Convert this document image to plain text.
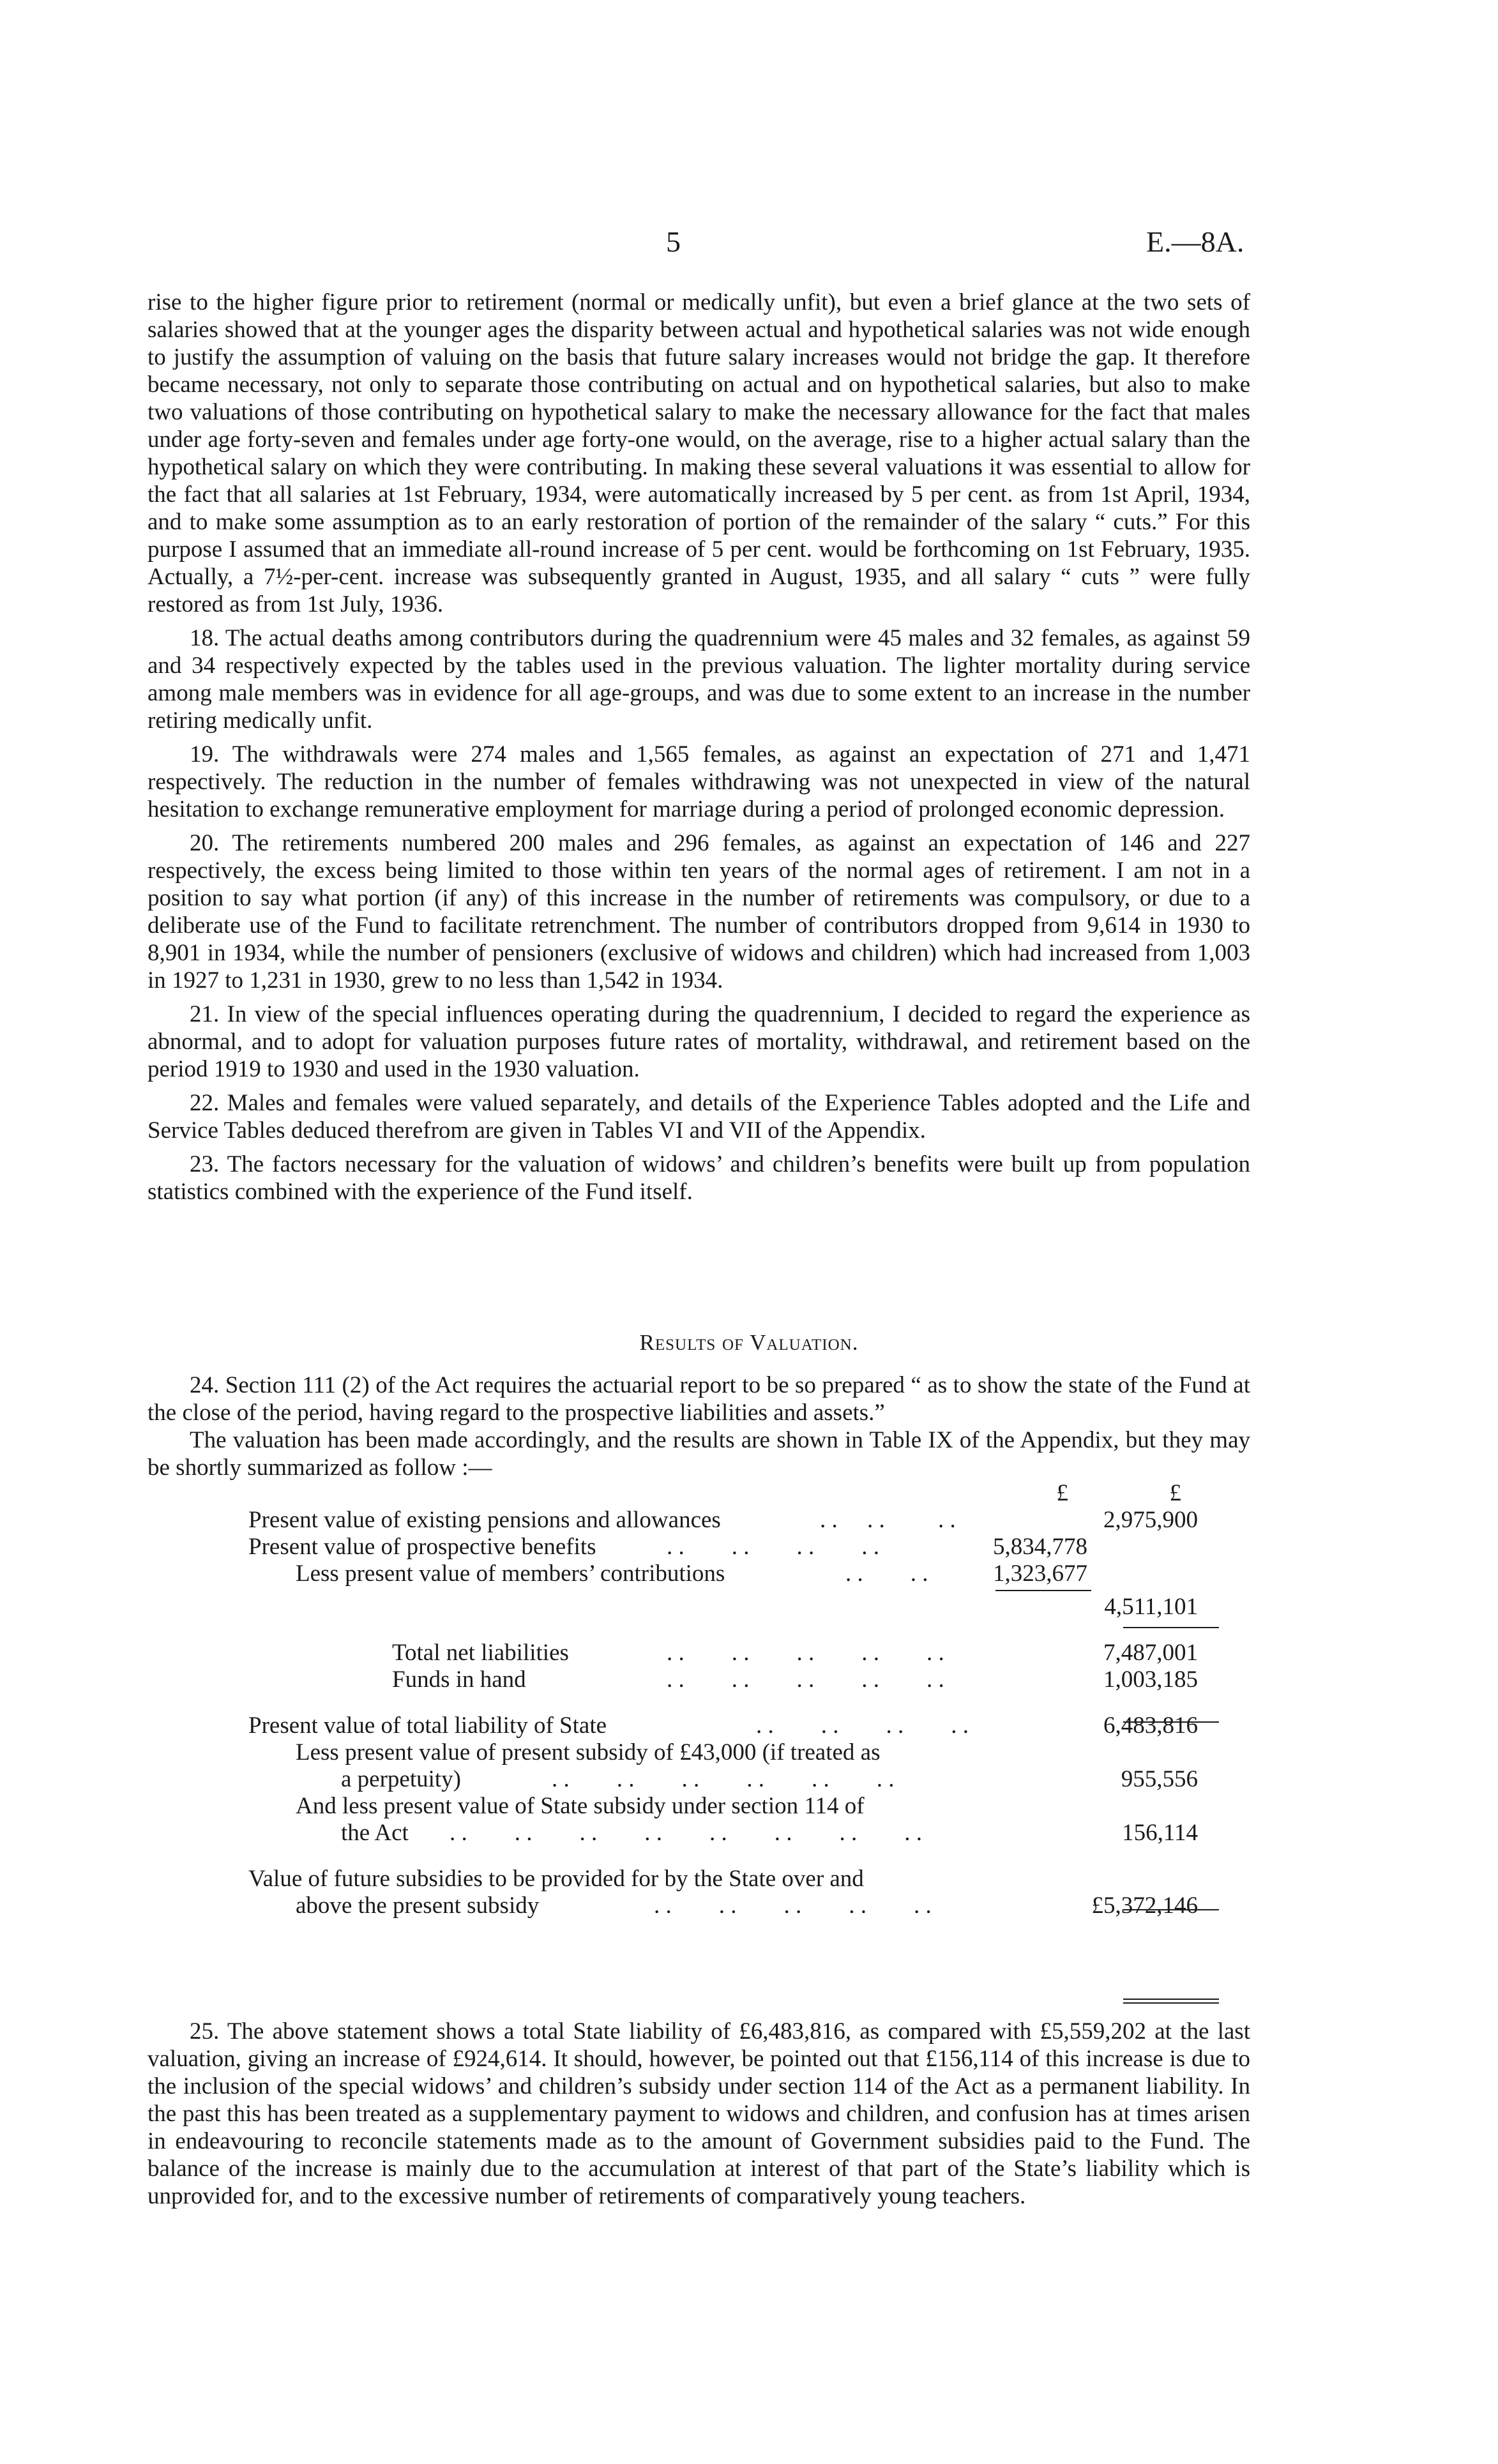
5	E.—8A.

rise to the higher figure prior to retirement (normal or medically unfit), but even a brief glance at the two sets of salaries showed that at the younger ages the disparity between actual and hypothetical salaries was not wide enough to justify the assumption of valuing on the basis that future salary increases would not bridge the gap. It therefore became necessary, not only to separate those contributing on actual and on hypothetical salaries, but also to make two valuations of those contributing on hypothetical salary to make the necessary allowance for the fact that males under age forty-seven and females under age forty-one would, on the average, rise to a higher actual salary than the hypothetical salary on which they were contributing. In making these several valuations it was essential to allow for the fact that all salaries at 1st February, 1934, were automatically increased by 5 per cent. as from 1st April, 1934, and to make some assumption as to an early restoration of portion of the remainder of the salary “ cuts.” For this purpose I assumed that an immediate all-round increase of 5 per cent. would be forthcoming on 1st February, 1935. Actually, a 7½-per-cent. increase was subsequently granted in August, 1935, and all salary “ cuts ” were fully restored as from 1st July, 1936.

18. The actual deaths among contributors during the quadrennium were 45 males and 32 females, as against 59 and 34 respectively expected by the tables used in the previous valuation. The lighter mortality during service among male members was in evidence for all age-groups, and was due to some extent to an increase in the number retiring medically unfit.

19. The withdrawals were 274 males and 1,565 females, as against an expectation of 271 and 1,471 respectively. The reduction in the number of females withdrawing was not unexpected in view of the natural hesitation to exchange remunerative employment for marriage during a period of prolonged economic depression.

20. The retirements numbered 200 males and 296 females, as against an expectation of 146 and 227 respectively, the excess being limited to those within ten years of the normal ages of retirement. I am not in a position to say what portion (if any) of this increase in the number of retirements was compulsory, or due to a deliberate use of the Fund to facilitate retrenchment. The number of contributors dropped from 9,614 in 1930 to 8,901 in 1934, while the number of pensioners (exclusive of widows and children) which had increased from 1,003 in 1927 to 1,231 in 1930, grew to no less than 1,542 in 1934.

21. In view of the special influences operating during the quadrennium, I decided to regard the experience as abnormal, and to adopt for valuation purposes future rates of mortality, withdrawal, and retirement based on the period 1919 to 1930 and used in the 1930 valuation.

22. Males and females were valued separately, and details of the Experience Tables adopted and the Life and Service Tables deduced therefrom are given in Tables VI and VII of the Appendix.

23. The factors necessary for the valuation of widows’ and children’s benefits were built up from population statistics combined with the experience of the Fund itself.

Results of Valuation.

24. Section 111 (2) of the Act requires the actuarial report to be so prepared “ as to show the state of the Fund at the close of the period, having regard to the prospective liabilities and assets.”

The valuation has been made accordingly, and the results are shown in Table IX of the Appendix, but they may be shortly summarized as follow :—

£	£
Present value of existing pensions and allowances	. .     . .         . .	2,975,900
Present value of prospective benefits	. .        . .        . .        . .	5,834,778
Less present value of members’ contributions	. .        . .	1,323,677
4,511,101
Total net liabilities	. .        . .        . .        . .        . .	7,487,001
Funds in hand	. .        . .        . .        . .        . .	1,003,185
Present value of total liability of State	. .        . .        . .        . .	6,483,816
Less present value of present subsidy of £43,000 (if treated as
a perpetuity)	. .        . .        . .        . .        . .        . .	955,556
And less present value of State subsidy under section 114 of
the Act . .        . .        . .        . .        . .        . .        . .        . .	156,114
Value of future subsidies to be provided for by the State over and
above the present subsidy	. .        . .        . .        . .        . .	£5,372,146

25. The above statement shows a total State liability of £6,483,816, as compared with £5,559,202 at the last valuation, giving an increase of £924,614. It should, however, be pointed out that £156,114 of this increase is due to the inclusion of the special widows’ and children’s subsidy under section 114 of the Act as a permanent liability. In the past this has been treated as a supplementary payment to widows and children, and confusion has at times arisen in endeavouring to reconcile statements made as to the amount of Government subsidies paid to the Fund. The balance of the increase is mainly due to the accumulation at interest of that part of the State’s liability which is unprovided for, and to the excessive number of retirements of comparatively young teachers.
